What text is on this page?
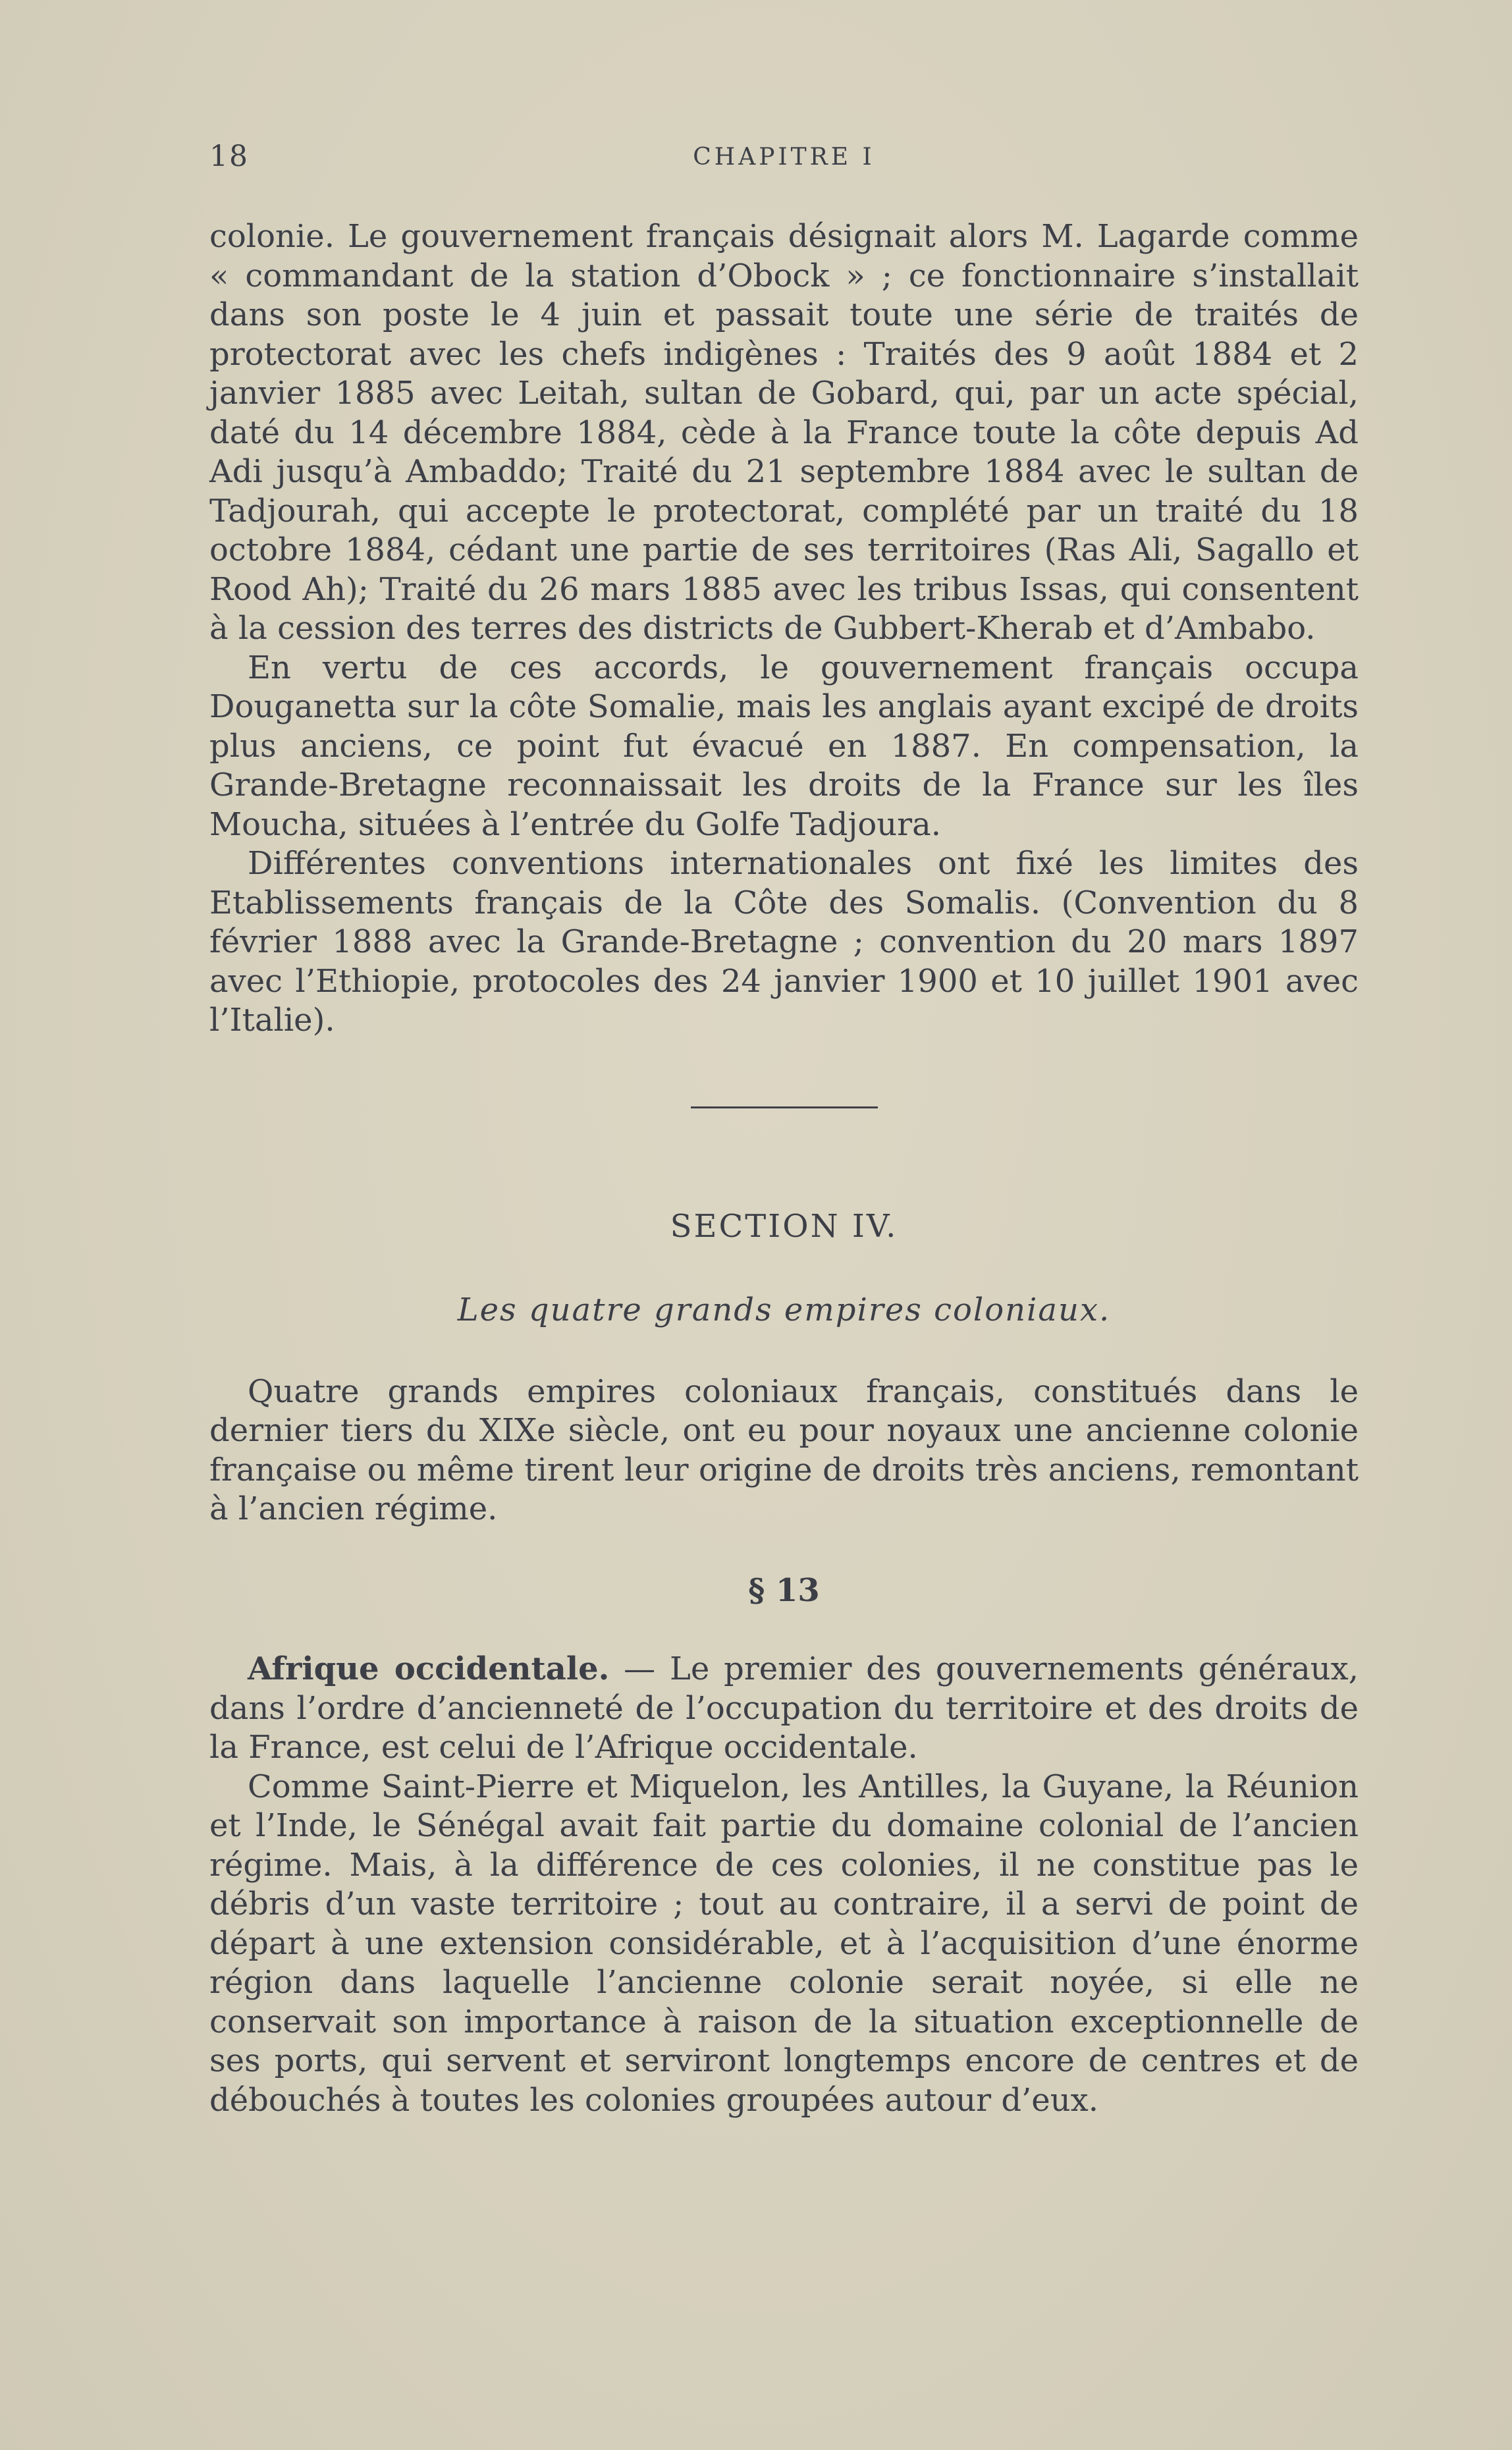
18	CHAPITRE I

colonie. Le gouvernement français désignait alors M. Lagarde comme « commandant de la station d’Obock » ; ce fonctionnaire s’installait dans son poste le 4 juin et passait toute une série de traités de protectorat avec les chefs indigènes : Traités des 9 août 1884 et 2 janvier 1885 avec Leitah, sultan de Gobard, qui, par un acte spécial, daté du 14 décembre 1884, cède à la France toute la côte depuis Ad Adi jusqu’à Ambaddo; Traité du 21 septembre 1884 avec le sultan de Tadjourah, qui accepte le protectorat, complété par un traité du 18 octobre 1884, cédant une partie de ses territoires (Ras Ali, Sagallo et Rood Ah); Traité du 26 mars 1885 avec les tribus Issas, qui consentent à la cession des terres des districts de Gubbert-Kherab et d’Ambabo.

En vertu de ces accords, le gouvernement français occupa Douganetta sur la côte Somalie, mais les anglais ayant excipé de droits plus anciens, ce point fut évacué en 1887. En compensation, la Grande-Bretagne reconnaissait les droits de la France sur les îles Moucha, situées à l’entrée du Golfe Tadjoura.

Différentes conventions internationales ont fixé les limites des Etablissements français de la Côte des Somalis. (Convention du 8 février 1888 avec la Grande-Bretagne ; convention du 20 mars 1897 avec l’Ethiopie, protocoles des 24 janvier 1900 et 10 juillet 1901 avec l’Italie).

SECTION IV.
Les quatre grands empires coloniaux.

Quatre grands empires coloniaux français, constitués dans le dernier tiers du XIXe siècle, ont eu pour noyaux une ancienne colonie française ou même tirent leur origine de droits très anciens, remontant à l’ancien régime.

§ 13

Afrique occidentale. — Le premier des gouvernements généraux, dans l’ordre d’ancienneté de l’occupation du territoire et des droits de la France, est celui de l’Afrique occidentale.

Comme Saint-Pierre et Miquelon, les Antilles, la Guyane, la Réunion et l’Inde, le Sénégal avait fait partie du domaine colonial de l’ancien régime. Mais, à la différence de ces colonies, il ne constitue pas le débris d’un vaste territoire ; tout au contraire, il a servi de point de départ à une extension considérable, et à l’acquisition d’une énorme région dans laquelle l’ancienne colonie serait noyée, si elle ne conservait son importance à raison de la situation exceptionnelle de ses ports, qui servent et serviront longtemps encore de centres et de débouchés à toutes les colonies groupées autour d’eux.
